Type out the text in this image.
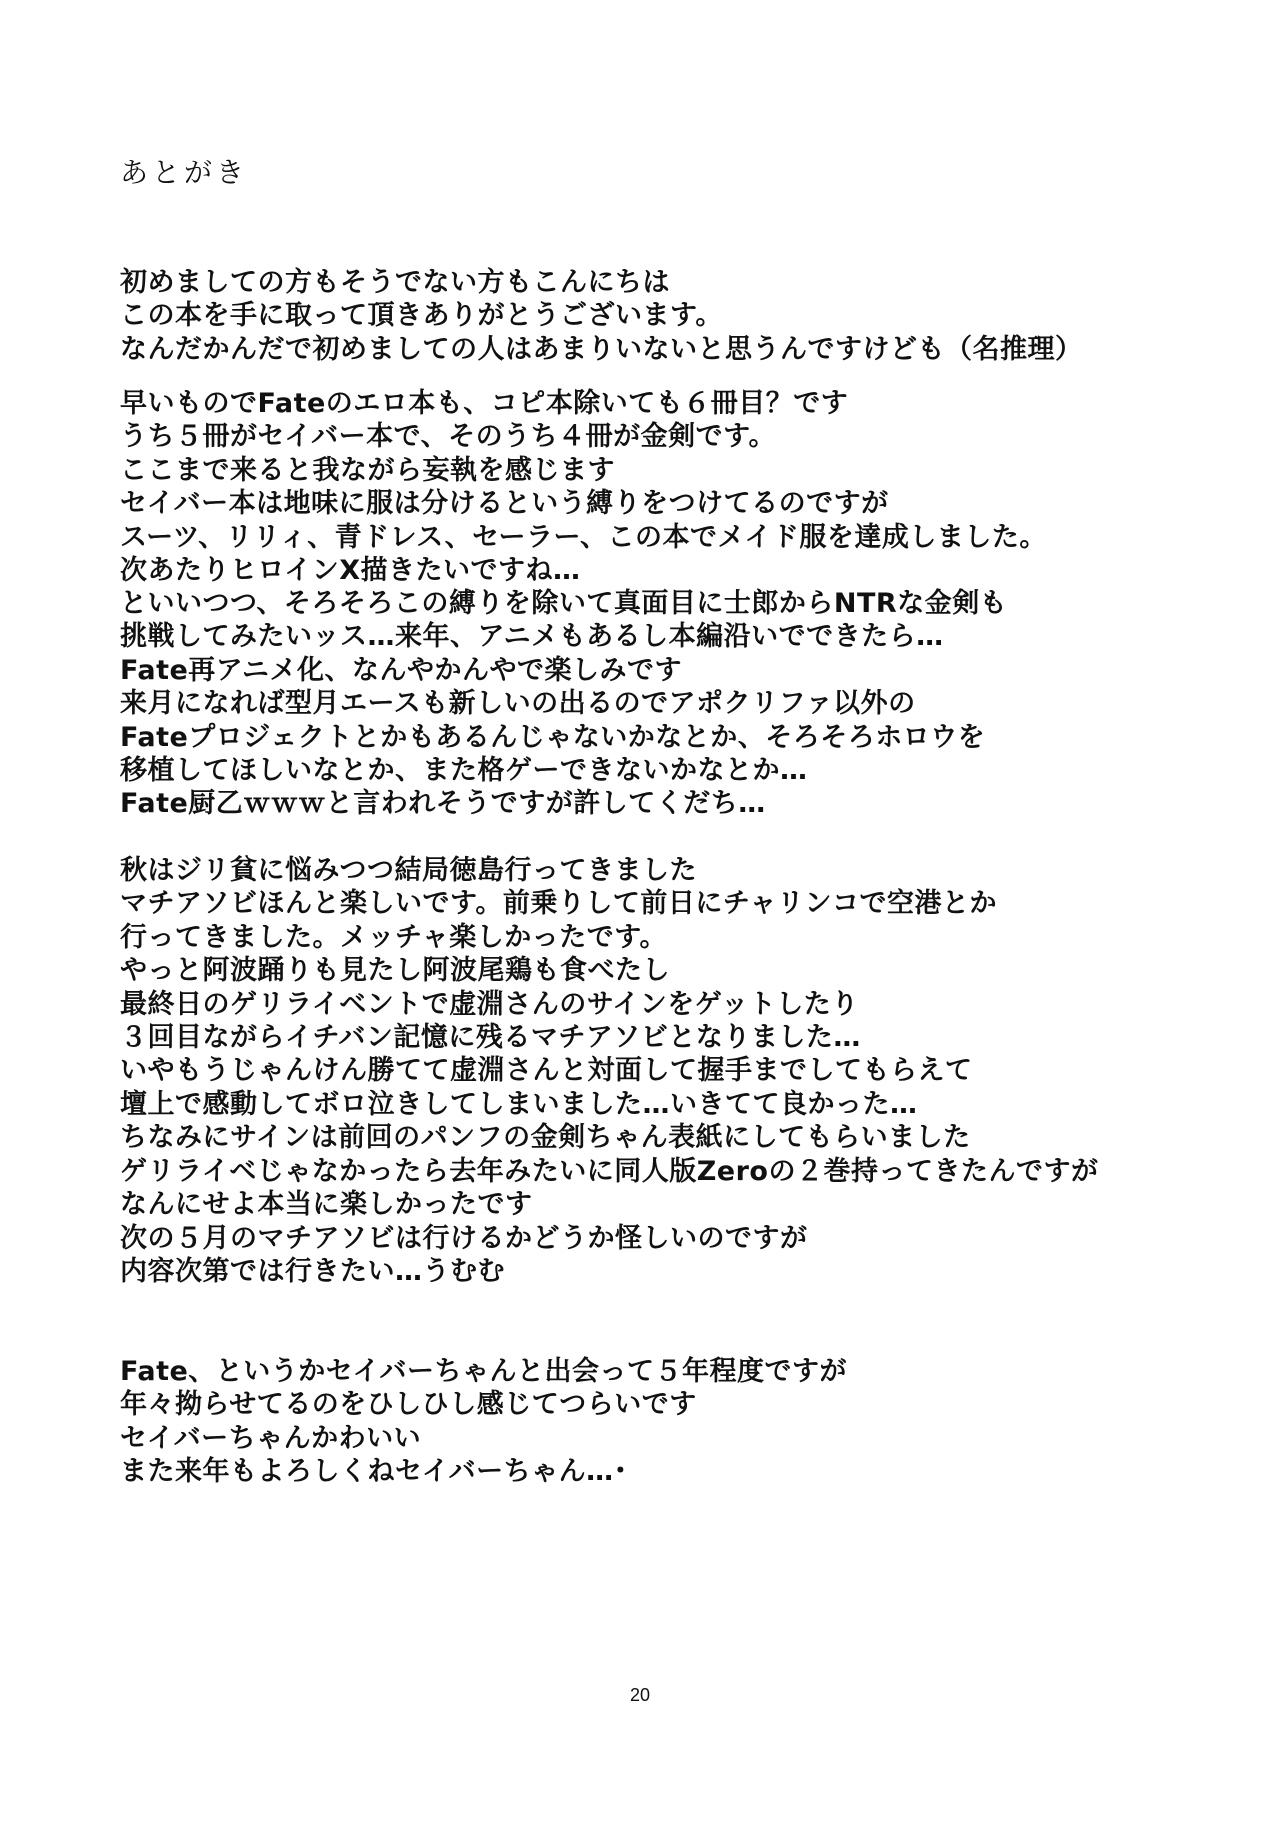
あとがき
初めましての方もそうでない方もこんにちは
この本を手に取って頂きありがとうございます。
なんだかんだで初めましての人はあまりいないと思うんですけども（名推理）
早いものでFateのエロ本も、コピ本除いても６冊目？です
うち５冊がセイバー本で、そのうち４冊が金剣です。
ここまで来ると我ながら妄執を感じます
セイバー本は地味に服は分けるという縛りをつけてるのですが
スーツ、リリィ、青ドレス、セーラー、この本でメイド服を達成しました。
次あたりヒロインX描きたいですね…
といいつつ、そろそろこの縛りを除いて真面目に士郎からNTRな金剣も
挑戦してみたいッス…来年、アニメもあるし本編沿いでできたら…
Fate再アニメ化、なんやかんやで楽しみです
来月になれば型月エースも新しいの出るのでアポクリファ以外の
Fateプロジェクトとかもあるんじゃないかなとか、そろそろホロウを
移植してほしいなとか、また格ゲーできないかなとか…
Fate厨乙ｗｗｗと言われそうですが許してくだち…
秋はジリ貧に悩みつつ結局徳島行ってきました
マチアソビほんと楽しいです。前乗りして前日にチャリンコで空港とか
行ってきました。メッチャ楽しかったです。
やっと阿波踊りも見たし阿波尾鶏も食べたし
最終日のゲリライベントで虚淵さんのサインをゲットしたり
３回目ながらイチバン記憶に残るマチアソビとなりました…
いやもうじゃんけん勝てて虚淵さんと対面して握手までしてもらえて
壇上で感動してボロ泣きしてしまいました…いきてて良かった…
ちなみにサインは前回のパンフの金剣ちゃん表紙にしてもらいました
ゲリライベじゃなかったら去年みたいに同人版Zeroの２巻持ってきたんですが
なんにせよ本当に楽しかったです
次の５月のマチアソビは行けるかどうか怪しいのですが
内容次第では行きたい…うむむ
Fate、というかセイバーちゃんと出会って５年程度ですが
年々拗らせてるのをひしひし感じてつらいです
セイバーちゃんかわいい
また来年もよろしくねセイバーちゃん…･
20
